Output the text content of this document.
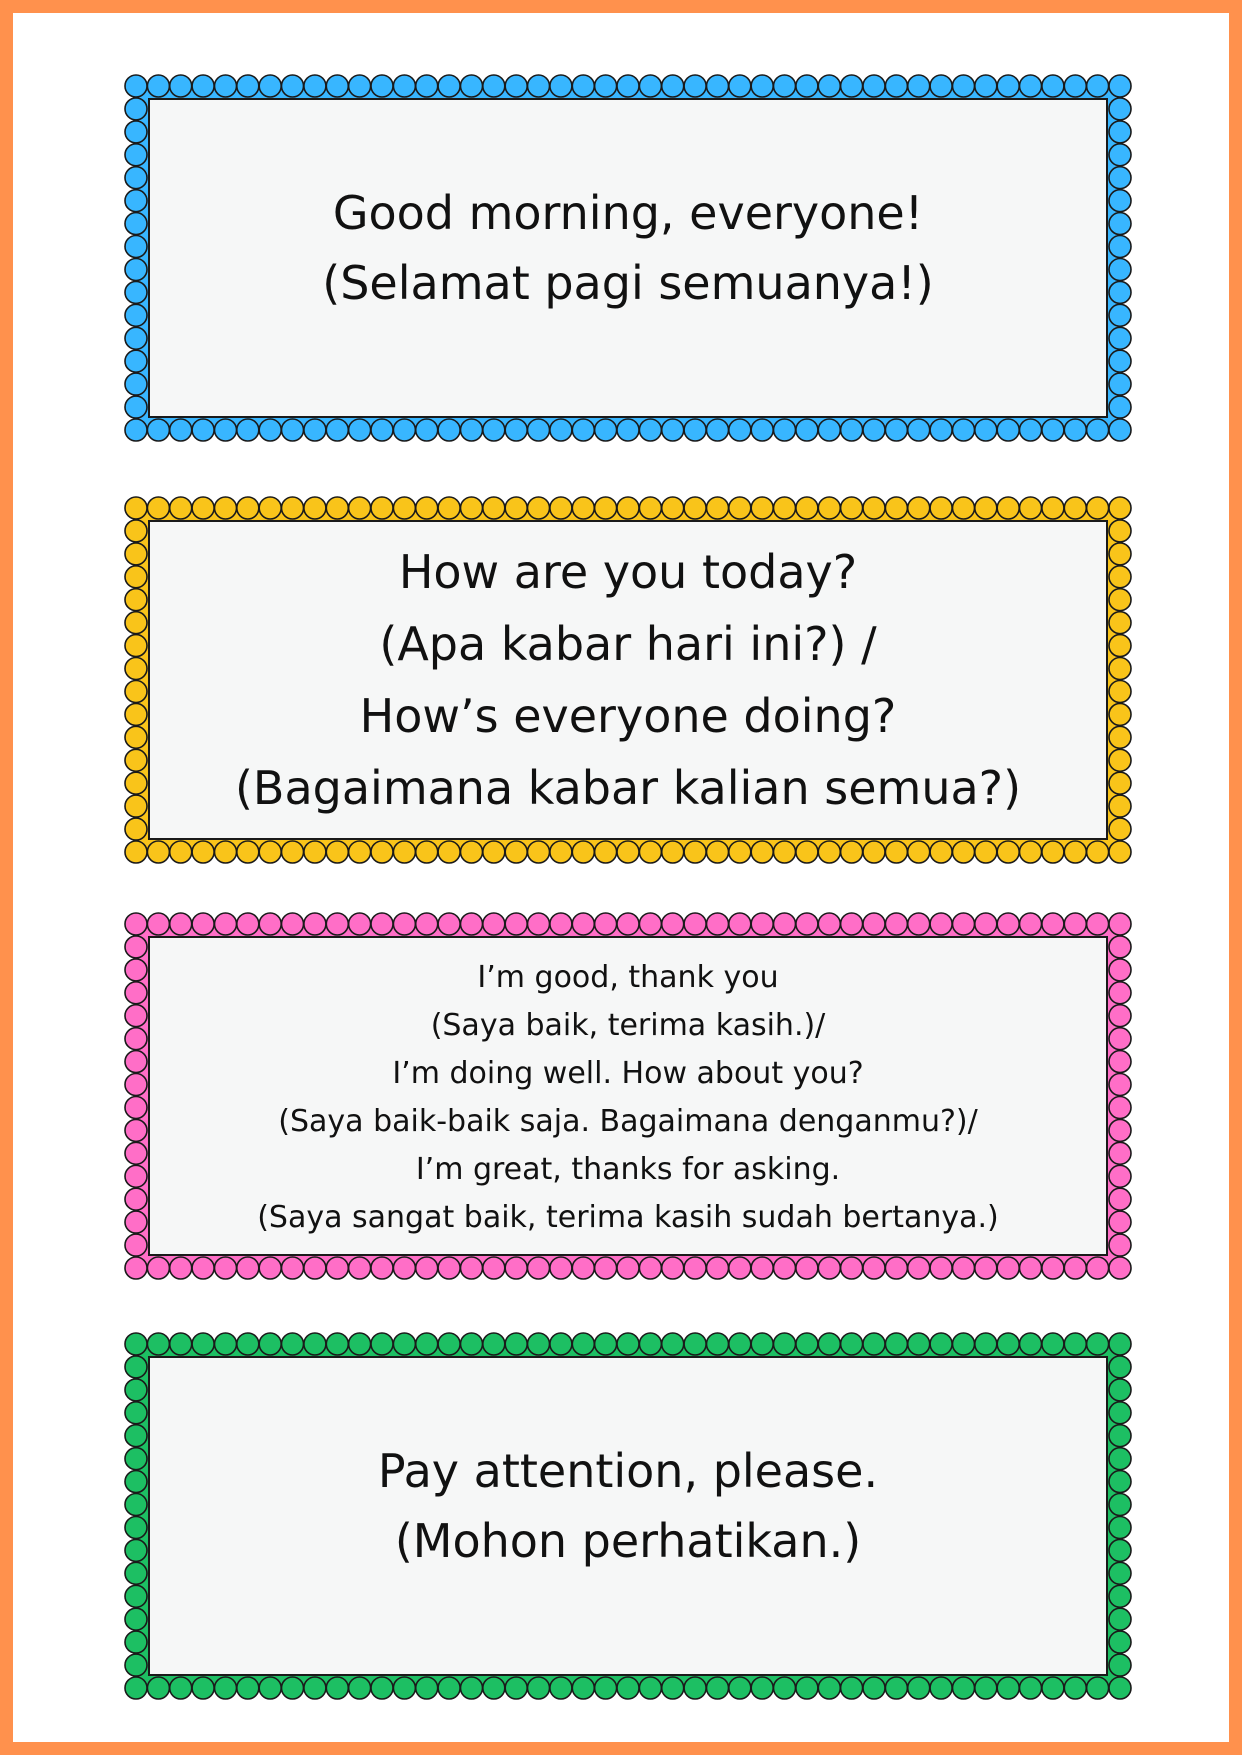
Good morning, everyone!
(Selamat pagi semuanya!)
How are you today?
(Apa kabar hari ini?) /
How’s everyone doing?
(Bagaimana kabar kalian semua?)
I’m good, thank you
(Saya baik, terima kasih.)/
I’m doing well. How about you?
(Saya baik-baik saja. Bagaimana denganmu?)/
I’m great, thanks for asking.
(Saya sangat baik, terima kasih sudah bertanya.)
Pay attention, please.
(Mohon perhatikan.)
